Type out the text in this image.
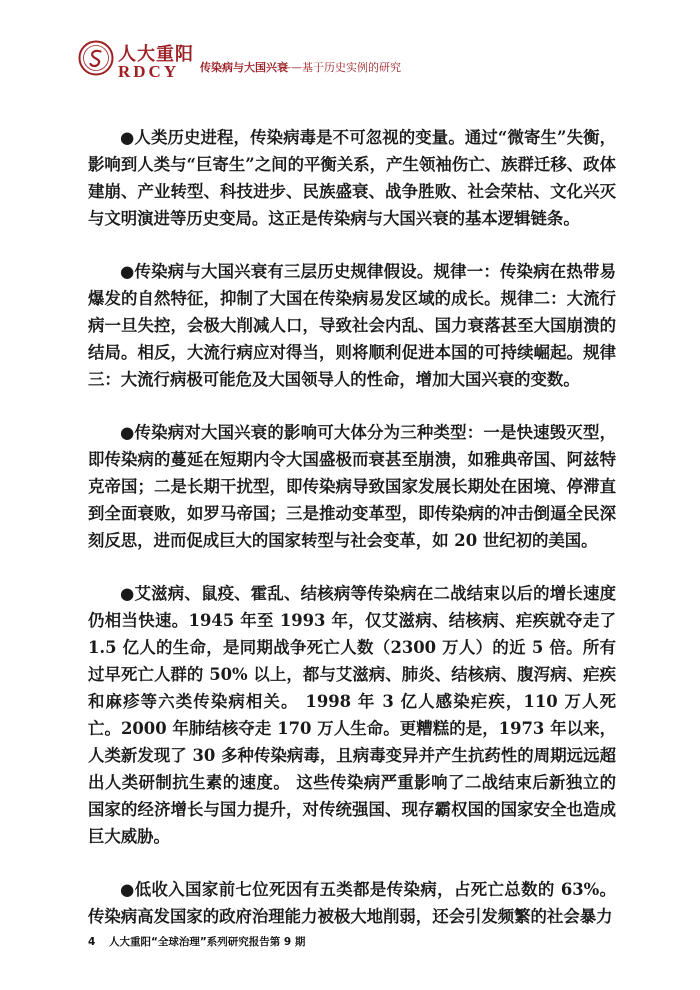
人大重阳
RDCY 传染病与大国兴衰
——基于历史实例的研究

●人类历史进程，传染病毒是不可忽视的变量。通过“微寄生”失衡，影响到人类与“巨寄生”之间的平衡关系，产生领袖伤亡、族群迁移、政体建崩、产业转型、科技进步、民族盛衰、战争胜败、社会荣枯、文化兴灭与文明演进等历史变局。这正是传染病与大国兴衰的基本逻辑链条。

●传染病与大国兴衰有三层历史规律假设。规律一：传染病在热带易爆发的自然特征，抑制了大国在传染病易发区域的成长。规律二：大流行病一旦失控，会极大削减人口，导致社会内乱、国力衰落甚至大国崩溃的结局。相反，大流行病应对得当，则将顺利促进本国的可持续崛起。规律三：大流行病极可能危及大国领导人的性命，增加大国兴衰的变数。

●传染病对大国兴衰的影响可大体分为三种类型：一是快速毁灭型，即传染病的蔓延在短期内令大国盛极而衰甚至崩溃，如雅典帝国、阿兹特克帝国；二是长期干扰型，即传染病导致国家发展长期处在困境、停滞直到全面衰败，如罗马帝国；三是推动变革型，即传染病的冲击倒逼全民深刻反思，进而促成巨大的国家转型与社会变革，如 20 世纪初的美国。

●艾滋病、鼠疫、霍乱、结核病等传染病在二战结束以后的增长速度仍相当快速。1945 年至 1993 年，仅艾滋病、结核病、疟疾就夺走了 1.5 亿人的生命，是同期战争死亡人数（2300 万人）的近 5 倍。所有过早死亡人群的 50% 以上，都与艾滋病、肺炎、结核病、腹泻病、疟疾和麻疹等六类传染病相关。 1998 年 3 亿人感染疟疾，110 万人死亡。2000 年肺结核夺走 170 万人生命。更糟糕的是，1973 年以来，人类新发现了 30 多种传染病毒，且病毒变异并产生抗药性的周期远远超出人类研制抗生素的速度。 这些传染病严重影响了二战结束后新独立的国家的经济增长与国力提升，对传统强国、现存霸权国的国家安全也造成巨大威胁。

●低收入国家前七位死因有五类都是传染病，占死亡总数的 63%。传染病高发国家的政府治理能力被极大地削弱，还会引发频繁的社会暴力

4 人大重阳“全球治理”系列研究报告第 9 期
